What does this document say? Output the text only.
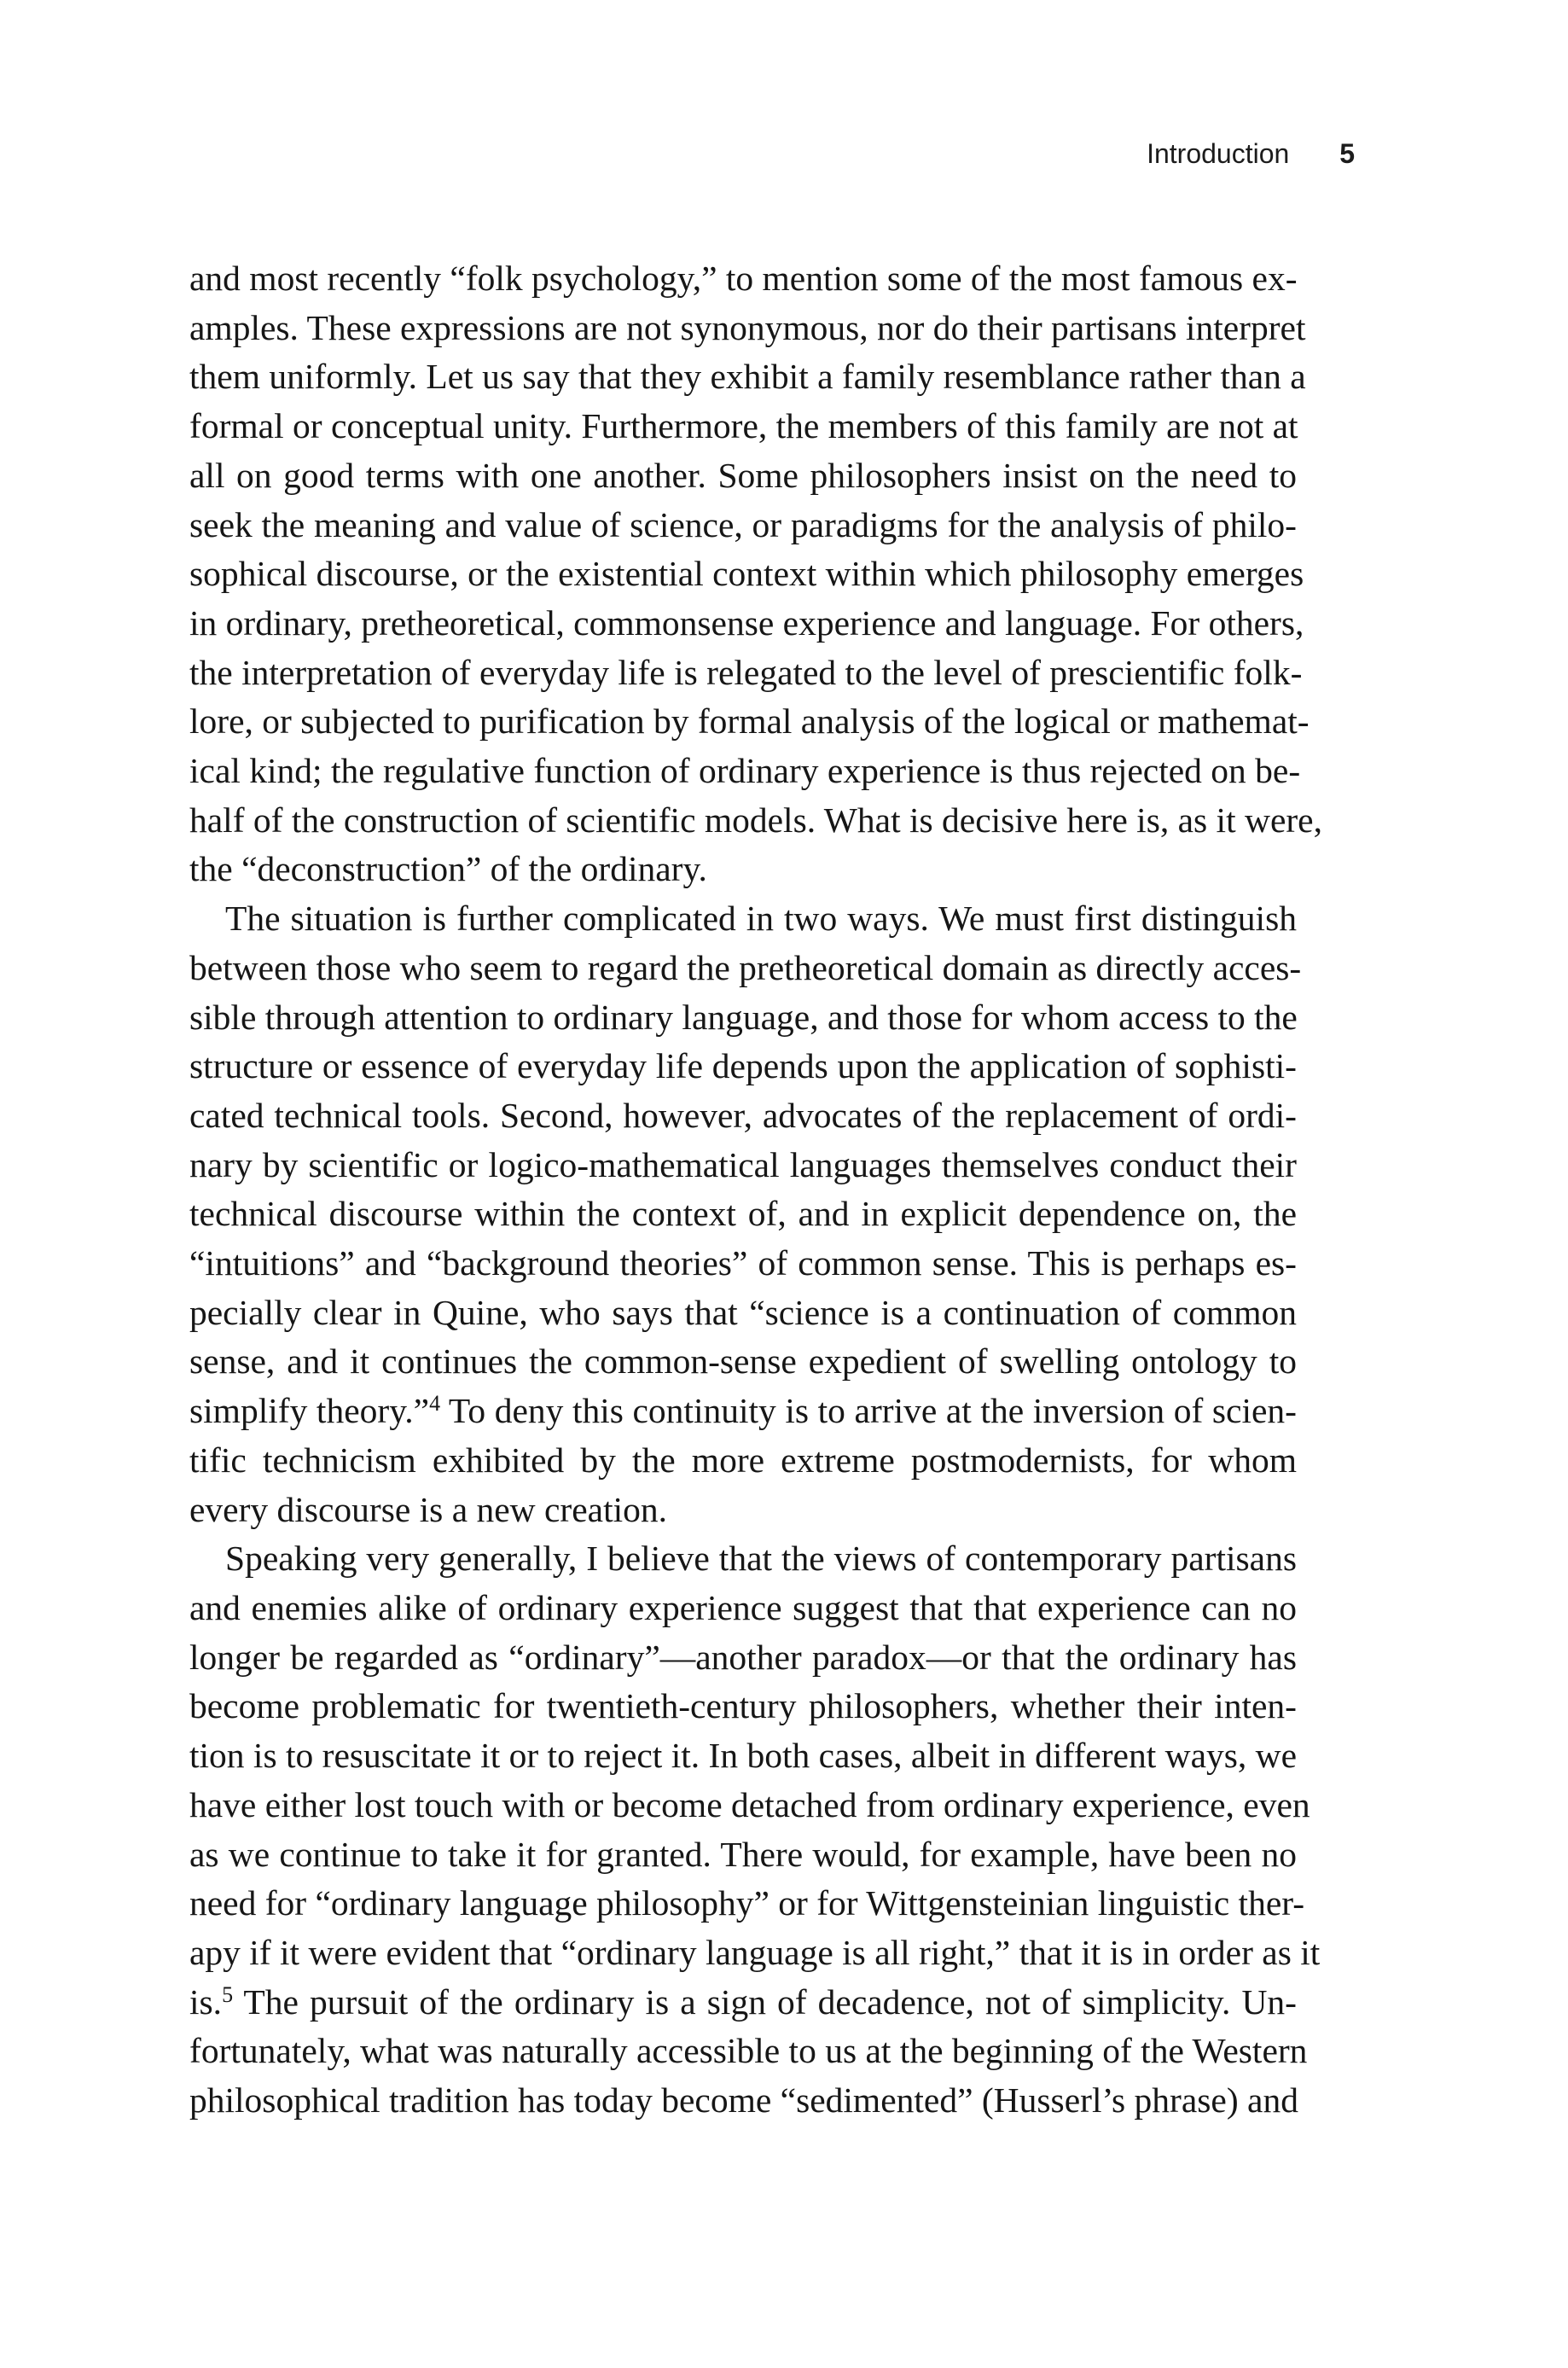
Introduction 5
and most recently “folk psychology,” to mention some of the most famous ex-
amples. These expressions are not synonymous, nor do their partisans interpret
them uniformly. Let us say that they exhibit a family resemblance rather than a
formal or conceptual unity. Furthermore, the members of this family are not at
all on good terms with one another. Some philosophers insist on the need to
seek the meaning and value of science, or paradigms for the analysis of philo-
sophical discourse, or the existential context within which philosophy emerges
in ordinary, pretheoretical, commonsense experience and language. For others,
the interpretation of everyday life is relegated to the level of prescientific folk-
lore, or subjected to purification by formal analysis of the logical or mathemat-
ical kind; the regulative function of ordinary experience is thus rejected on be-
half of the construction of scientific models. What is decisive here is, as it were,
the “deconstruction” of the ordinary.
The situation is further complicated in two ways. We must first distinguish
between those who seem to regard the pretheoretical domain as directly acces-
sible through attention to ordinary language, and those for whom access to the
structure or essence of everyday life depends upon the application of sophisti-
cated technical tools. Second, however, advocates of the replacement of ordi-
nary by scientific or logico-mathematical languages themselves conduct their
technical discourse within the context of, and in explicit dependence on, the
“intuitions” and “background theories” of common sense. This is perhaps es-
pecially clear in Quine, who says that “science is a continuation of common
sense, and it continues the common-sense expedient of swelling ontology to
simplify theory.”$^4$ To deny this continuity is to arrive at the inversion of scien-
tific technicism exhibited by the more extreme postmodernists, for whom
every discourse is a new creation.
Speaking very generally, I believe that the views of contemporary partisans
and enemies alike of ordinary experience suggest that that experience can no
longer be regarded as “ordinary”—another paradox—or that the ordinary has
become problematic for twentieth-century philosophers, whether their inten-
tion is to resuscitate it or to reject it. In both cases, albeit in different ways, we
have either lost touch with or become detached from ordinary experience, even
as we continue to take it for granted. There would, for example, have been no
need for “ordinary language philosophy” or for Wittgensteinian linguistic ther-
apy if it were evident that “ordinary language is all right,” that it is in order as it
is.$^5$ The pursuit of the ordinary is a sign of decadence, not of simplicity. Un-
fortunately, what was naturally accessible to us at the beginning of the Western
philosophical tradition has today become “sedimented” (Husserl’s phrase) and
